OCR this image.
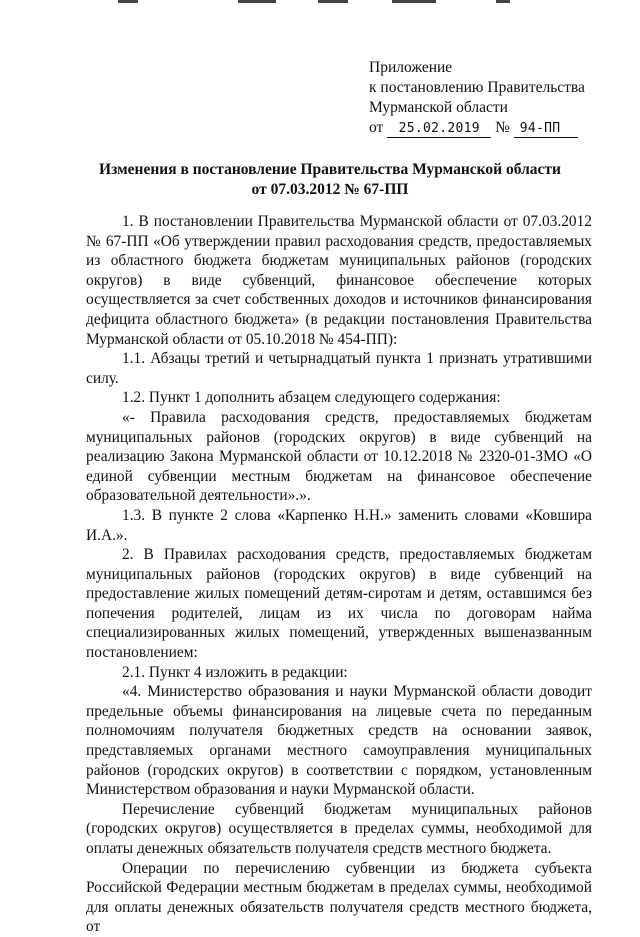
Приложение
к постановлению Правительства
Мурманской области
от 25.02.2019 № 94-ПП
Изменения в постановление Правительства Мурманской области
от 07.03.2012 № 67-ПП

1. В постановлении Правительства Мурманской области от 07.03.2012 № 67-ПП «Об утверждении правил расходования средств, предоставляемых из областного бюджета бюджетам муниципальных районов (городских округов) в виде субвенций, финансовое обеспечение которых осуществляется за счет собственных доходов и источников финансирования дефицита областного бюджета» (в редакции постановления Правительства Мурманской области от 05.10.2018 № 454-ПП):

1.1. Абзацы третий и четырнадцатый пункта 1 признать утратившими силу.

1.2. Пункт 1 дополнить абзацем следующего содержания:

«- Правила расходования средств, предоставляемых бюджетам муниципальных районов (городских округов) в виде субвенций на реализацию Закона Мурманской области от 10.12.2018 № 2320-01-ЗМО «О единой субвенции местным бюджетам на финансовое обеспечение образовательной деятельности».».

1.3. В пункте 2 слова «Карпенко Н.Н.» заменить словами «Ковшира И.А.».

2. В Правилах расходования средств, предоставляемых бюджетам муниципальных районов (городских округов) в виде субвенций на предоставление жилых помещений детям-сиротам и детям, оставшимся без попечения родителей, лицам из их числа по договорам найма специализированных жилых помещений, утвержденных вышеназванным постановлением:

2.1. Пункт 4 изложить в редакции:

«4. Министерство образования и науки Мурманской области доводит предельные объемы финансирования на лицевые счета по переданным полномочиям получателя бюджетных средств на основании заявок, представляемых органами местного самоуправления муниципальных районов (городских округов) в соответствии с порядком, установленным Министерством образования и науки Мурманской области.

Перечисление субвенций бюджетам муниципальных районов (городских округов) осуществляется в пределах суммы, необходимой для оплаты денежных обязательств получателя средств местного бюджета.

Операции по перечислению субвенции из бюджета субъекта Российской Федерации местным бюджетам в пределах суммы, необходимой для оплаты денежных обязательств получателя средств местного бюджета, от
